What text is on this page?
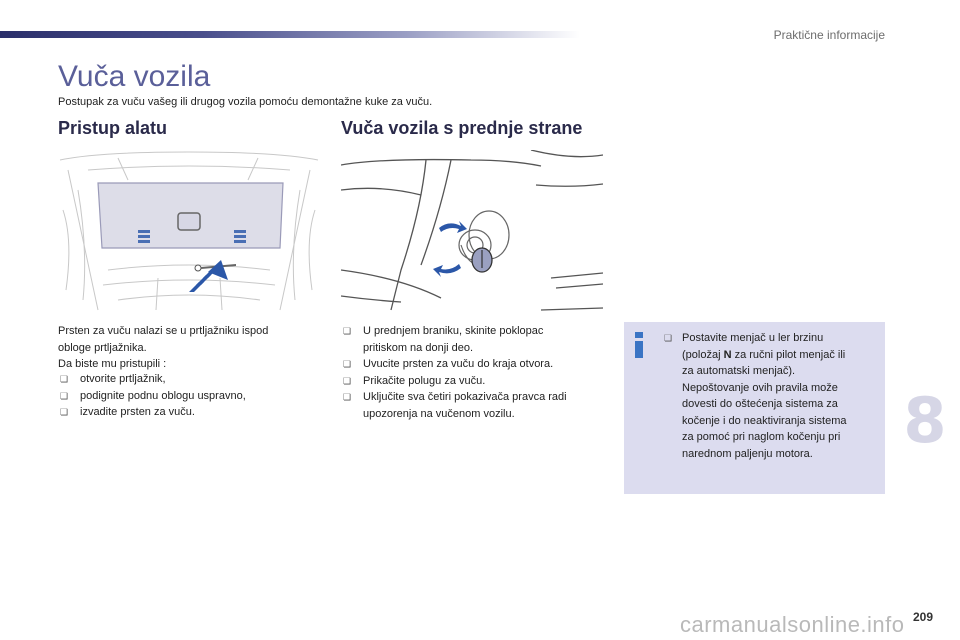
Praktične informacije
Vuča vozila
Postupak za vuču vašeg ili drugog vozila pomoću demontažne kuke za vuču.
Pristup alatu	Vuča vozila s prednje strane
Prsten za vuču nalazi se u prtljažniku ispod
obloge prtljažnika.
Da biste mu pristupili :
❏ otvorite prtljažnik,
❏ podignite podnu oblogu uspravno,
❏ izvadite prsten za vuču.
❏ U prednjem braniku, skinite poklopac
pritiskom na donji deo.
❏ Uvucite prsten za vuču do kraja otvora.
❏ Prikačite polugu za vuču.
❏ Uključite sva četiri pokazivača pravca radi
upozorenja na vučenom vozilu.
❏ Postavite menjač u ler brzinu
(položaj N za ručni pilot menjač ili
za automatski menjač).
Nepoštovanje ovih pravila može
dovesti do oštećenja sistema za
kočenje i do neaktiviranja sistema
za pomoć pri naglom kočenju pri
narednom paljenju motora.	8
carmanualsonline.info 209
